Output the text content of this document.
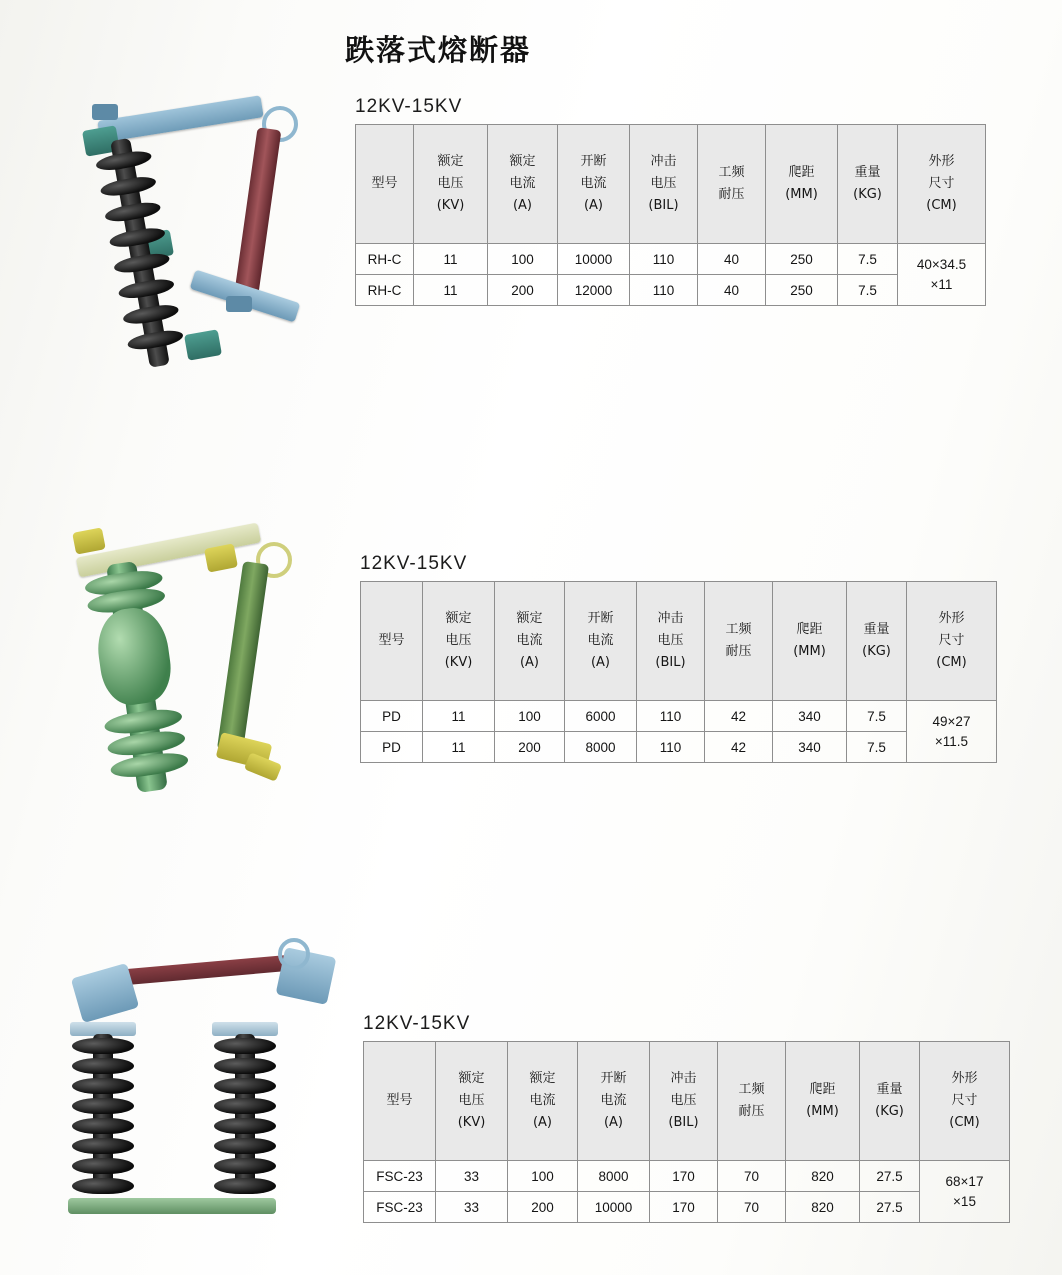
跌落式熔断器
12KV-15KV
型号	额定
电压
(KV)	额定
电流
(A)	开断
电流
(A)	冲击
电压
(BIL)	工频
耐压	爬距
(MM)	重量
(KG)	外形
尺寸
(CM)

RH-C	11	100	10000	110	40	250	7.5	40×34.5
×11

RH-C	11	200	12000	110	40	250	7.5	
12KV-15KV
型号	额定
电压
(KV)	额定
电流
(A)	开断
电流
(A)	冲击
电压
(BIL)	工频
耐压	爬距
(MM)	重量
(KG)	外形
尺寸
(CM)

PD	11	100	6000	110	42	340	7.5	49×27
×11.5

PD	11	200	8000	110	42	340	7.5	
12KV-15KV
型号	额定
电压
(KV)	额定
电流
(A)	开断
电流
(A)	冲击
电压
(BIL)	工频
耐压	爬距
(MM)	重量
(KG)	外形
尺寸
(CM)

FSC-23	33	100	8000	170	70	820	27.5	68×17
×15

FSC-23	33	200	10000	170	70	820	27.5	
